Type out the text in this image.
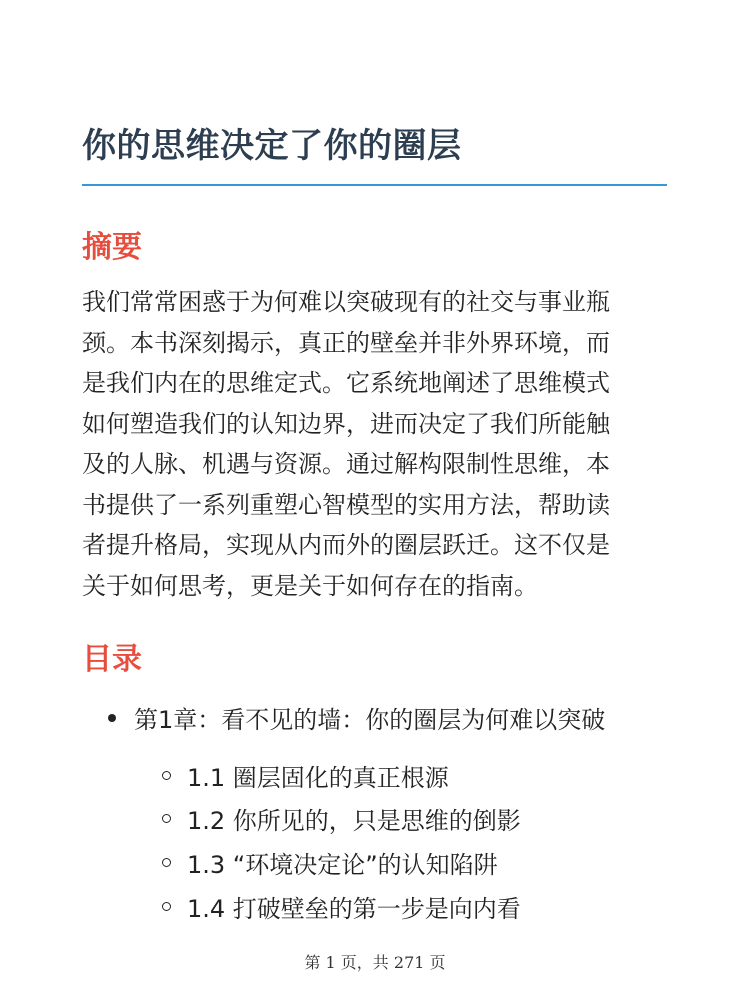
你的思维决定了你的圈层
摘要

我们常常困惑于为何难以突破现有的社交与事业瓶
颈。本书深刻揭示，真正的壁垒并非外界环境，而
是我们内在的思维定式。它系统地阐述了思维模式
如何塑造我们的认知边界，进而决定了我们所能触
及的人脉、机遇与资源。通过解构限制性思维，本
书提供了一系列重塑心智模型的实用方法，帮助读
者提升格局，实现从内而外的圈层跃迁。这不仅是
关于如何思考，更是关于如何存在的指南。

目录
第1章：看不见的墙：你的圈层为何难以突破
1.1 圈层固化的真正根源
1.2 你所见的，只是思维的倒影
1.3 “环境决定论”的认知陷阱
1.4 打破壁垒的第一步是向内看
第 1 页，共 271 页
